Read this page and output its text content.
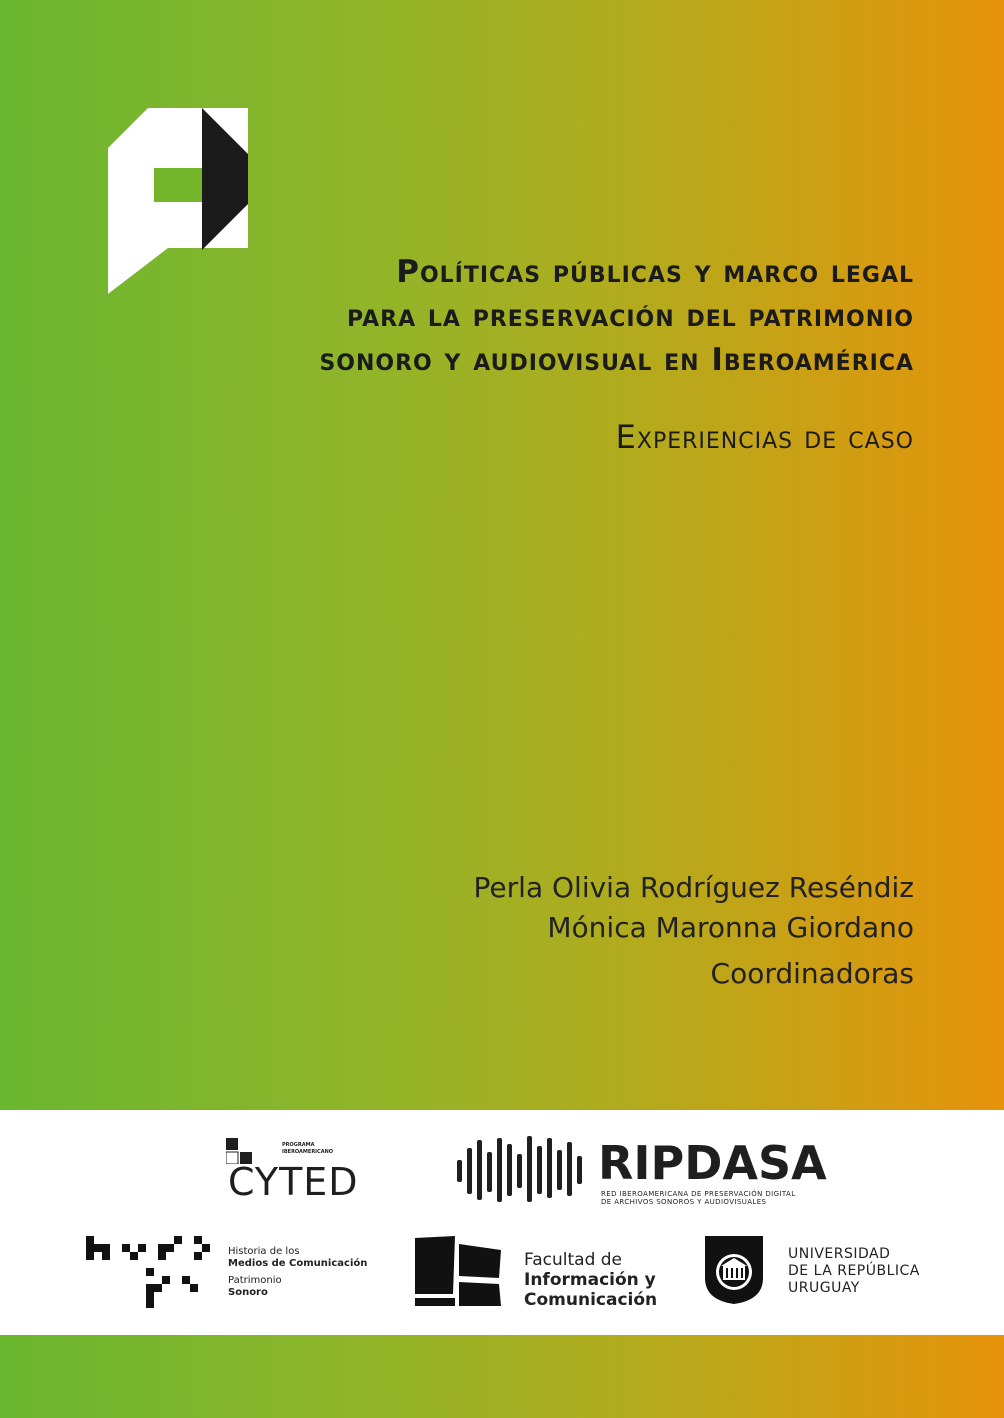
Políticas públicas y marco legal
para la preservación del patrimonio
sonoro y audiovisual en Iberoamérica
Experiencias de caso
Perla Olivia Rodríguez Reséndiz
Mónica Maronna Giordano
Coordinadoras
PROGRAMA
IBEROAMERICANO
CYTED	RIPDASA
RED IBEROAMERICANA DE PRESERVACIÓN DIGITAL
DE ARCHIVOS SONOROS Y AUDIOVISUALES
Historia de los
Medios de Comunicación
Patrimonio
Sonoro
Facultad de
Información y
Comunicación
UNIVERSIDAD
DE LA REPÚBLICA
URUGUAY
